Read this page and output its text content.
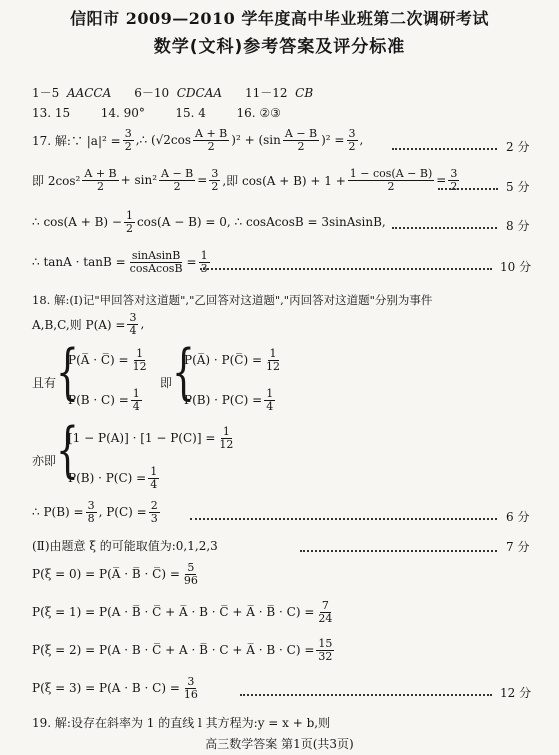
信阳市 2009—2010 学年度高中毕业班第二次调研考试
数学(文科)参考答案及评分标准
1－5 AACCA 6－10 CDCAA 11－12 CB
13. 15	14. 90°	15. 4	16. ②③
17. 解:∵ $|a|^2 = \frac{3}{2}$ ,∴ $(√2\cos \frac{A + B}{2} )^2 + (\sin \frac{A - B}{2} )^2 = \frac{3}{2}$ ,	2 分
即 $2\cos^2 \frac{A + B}{2} + \sin^2 \frac{A - B}{2} = \frac{3}{2}$ ,即 $\cos(A + B) + 1 + \frac{1 - \cos(A - B)}{2} = \frac{3}{2}$	5 分
∴ $\cos(A + B) - \frac{1}{2} \cos(A - B) = 0$, ∴ cosAcosB = 3sinAsinB,	8 分
∴ $\tan A \cdot \tan B = \frac{\text{sinAsinB}}{\text{cosAcosB}} = \frac{1}{3}$	10 分
18. 解:(Ⅰ)记"甲回答对这道题","乙回答对这道题","丙回答对这道题"分别为事件
A,B,C,则 $P(A) = \frac{3}{4}$ ,
且有 {
P(A̅ · C̅) = $\frac{1}{12}$
$P(B \cdot C) = \frac{1}{4}$
即 {
P(A̅) · P(C̅) = $\frac{1}{12}$
$P(B) \cdot P(C) = \frac{1}{4}$
亦即 {
$[1 - P(A)] \cdot [1 - P(C)] = \frac{1}{12}$
$P(B) \cdot P(C) = \frac{1}{4}$
∴ $P(B) = \frac{3}{8}$ , $P(C) = \frac{2}{3}$	6 分
(Ⅱ)由题意 ξ 的可能取值为:0,1,2,3	7 分
P(ξ = 0) = P(A̅ · B̅ · C̅) = $\frac{5}{96}$
P(ξ = 1) = P(A · B̅ · C̅ + A̅ · B · C̅ + A̅ · B̅ · $C) = \frac{7}{24}$
P(ξ = 2) = P(A · B · C̅ + A · B̅ · C + A̅ · $B \cdot C) = \frac{15}{32}$
$P(\xi = 3) = P(A \cdot B \cdot C) = \frac{3}{16}$	12 分
19. 解:设存在斜率为 1 的直线 l 其方程为:y = x + b,则
高三数学答案 第1页(共3页)
